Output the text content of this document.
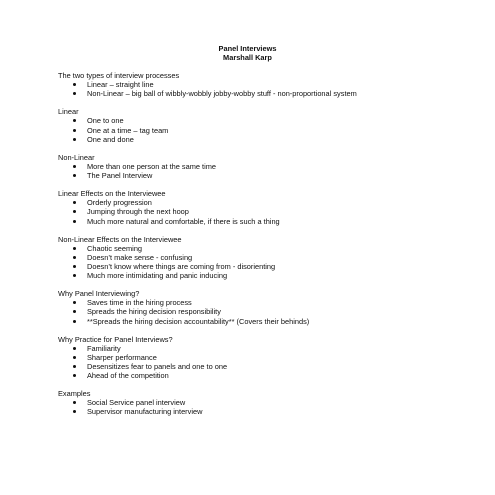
Panel Interviews
Marshall Karp
The two types of interview processes
Linear – straight line
Non-Linear – big ball of wibbly-wobbly jobby-wobby stuff - non-proportional system
Linear
One to one
One at a time – tag team
One and done
Non-Linear
More than one person at the same time
The Panel Interview
Linear Effects on the Interviewee
Orderly progression
Jumping through the next hoop
Much more natural and comfortable, if there is such a thing
Non-Linear Effects on the Interviewee
Chaotic seeming
Doesn’t make sense - confusing
Doesn’t know where things are coming from - disorienting
Much more intimidating and panic inducing
Why Panel Interviewing?
Saves time in the hiring process
Spreads the hiring decision responsibility
**Spreads the hiring decision accountability** (Covers their behinds)
Why Practice for Panel Interviews?
Familiarity
Sharper performance
Desensitizes fear to panels and one to one
Ahead of the competition
Examples
Social Service panel interview
Supervisor manufacturing interview
